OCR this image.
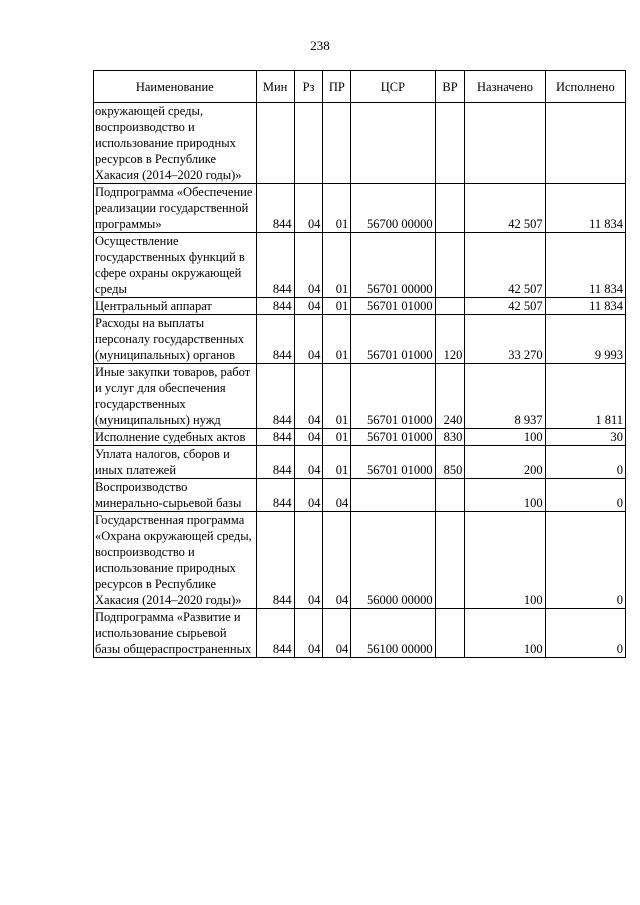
238
Наименование	Мин	Рз	ПР	ЦСР	ВР	Назначено	Исполнено
окружающей среды, воспроизводство и использование природных ресурсов в Республике Хакасия (2014–2020 годы)»							
Подпрограмма «Обеспечение реализации государственной программы»	844	04	01	56700 00000		42 507	11 834
Осуществление государственных функций в сфере охраны окружающей среды	844	04	01	56701 00000		42 507	11 834
Центральный аппарат	844	04	01	56701 01000		42 507	11 834
Расходы на выплаты персоналу государственных (муниципальных) органов	844	04	01	56701 01000	120	33 270	9 993
Иные закупки товаров, работ и услуг для обеспечения государственных (муниципальных) нужд	844	04	01	56701 01000	240	8 937	1 811
Исполнение судебных актов	844	04	01	56701 01000	830	100	30
Уплата налогов, сборов и иных платежей	844	04	01	56701 01000	850	200	0
Воспроизводство минерально-сырьевой базы	844	04	04			100	0
Государственная программа «Охрана окружающей среды, воспроизводство и использование природных ресурсов в Республике Хакасия (2014–2020 годы)»	844	04	04	56000 00000		100	0
Подпрограмма «Развитие и использование сырьевой базы общераспространенных	844	04	04	56100 00000		100	0
